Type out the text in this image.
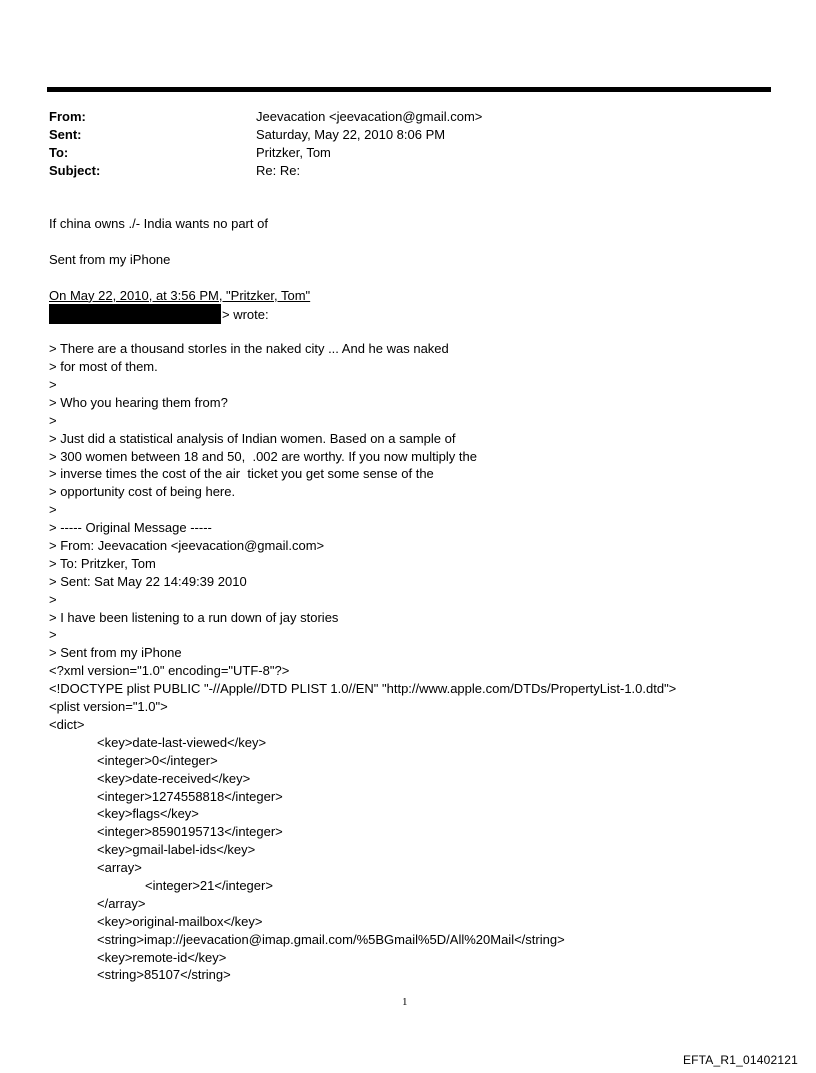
From:	Jeevacation <jeevacation@gmail.com>
Sent:	Saturday, May 22, 2010 8:06 PM
To:	Pritzker, Tom
Subject:	Re: Re:
If china owns ./- India wants no part of
Sent from my iPhone
On May 22, 2010, at 3:56 PM, "Pritzker, Tom"
> wrote:
> There are a thousand storIes in the naked city ... And he was naked
> for most of them.
>
> Who you hearing them from?
>
> Just did a statistical analysis of Indian women. Based on a sample of
> 300 women between 18 and 50,  .002 are worthy. If you now multiply the
> inverse times the cost of the air  ticket you get some sense of the
> opportunity cost of being here.
>
> ----- Original Message -----
> From: Jeevacation <jeevacation@gmail.com>
> To: Pritzker, Tom
> Sent: Sat May 22 14:49:39 2010
>
> I have been listening to a run down of jay stories
>
> Sent from my iPhone
<?xml version="1.0" encoding="UTF-8"?>
<!DOCTYPE plist PUBLIC "-//Apple//DTD PLIST 1.0//EN" "http://www.apple.com/DTDs/PropertyList-1.0.dtd">
<plist version="1.0">
<dict>
<key>date-last-viewed</key>
<integer>0</integer>
<key>date-received</key>
<integer>1274558818</integer>
<key>flags</key>
<integer>8590195713</integer>
<key>gmail-label-ids</key>
<array>
<integer>21</integer>
</array>
<key>original-mailbox</key>
<string>imap://jeevacation@imap.gmail.com/%5BGmail%5D/All%20Mail</string>
<key>remote-id</key>
<string>85107</string>
1
EFTA_R1_01402121
